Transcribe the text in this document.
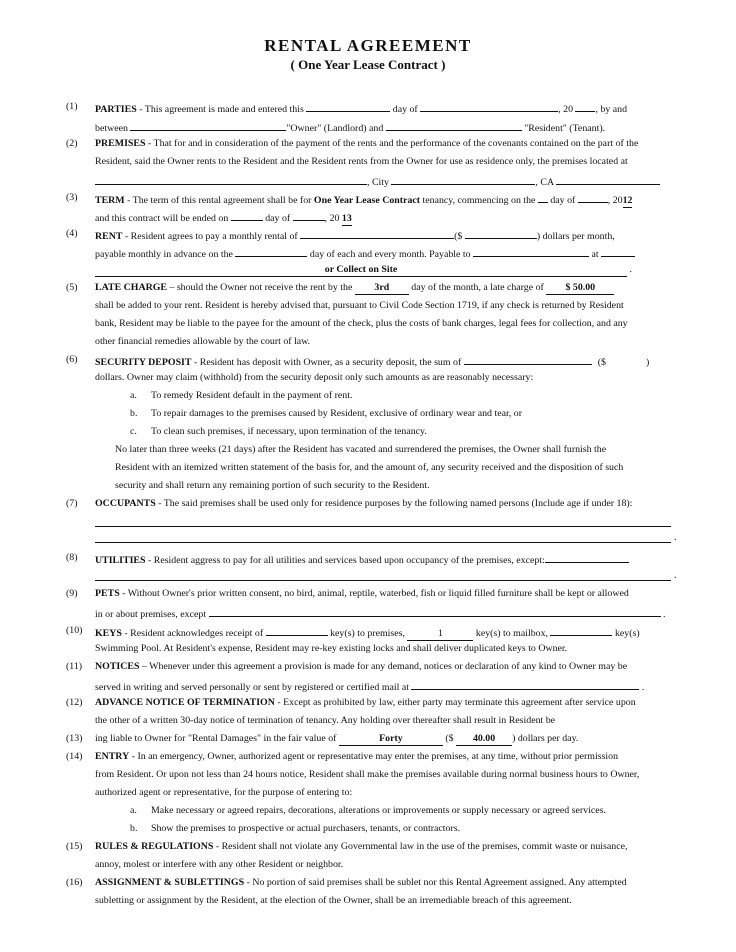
RENTAL AGREEMENT
( One Year Lease Contract )
(1) PARTIES - This agreement is made and entered this	day of	, 20 , by and
between	"Owner" (Landlord) and	"Resident" (Tenant).
(2) PREMISES - That for and in consideration of the payment of the rents and the performance of the covenants contained on the part of the
Resident, said the Owner rents to the Resident and the Resident rents from the Owner for use as residence only, the premises located at
, City	, CA
(3) TERM - The term of this rental agreement shall be for One Year Lease Contract tenancy, commencing on the  day of	, 2012
and this contract will be ended on	day of	, 20 13
(4) RENT - Resident agrees to pay a monthly rental of	($	) dollars per month,
payable monthly in advance on the	day of each and every month. Payable to	at
or Collect on Site	.
(5) LATE CHARGE – should the Owner not receive the rent by the 3rd day of the month, a late charge of $ 50.00
shall be added to your rent. Resident is hereby advised that, pursuant to Civil Code Section 1719, if any check is returned by Resident
bank, Resident may be liable to the payee for the amount of the check, plus the costs of bank charges, legal fees for collection, and any
other financial remedies allowable by the court of law.
(6) SECURITY DEPOSIT - Resident has deposit with Owner, as a security deposit, the sum of	($	)
dollars. Owner may claim (withhold) from the security deposit only such amounts as are reasonably necessary:
a. To remedy Resident default in the payment of rent.
b. To repair damages to the premises caused by Resident, exclusive of ordinary wear and tear, or
c. To clean such premises, if necessary, upon termination of the tenancy.
No later than three weeks (21 days) after the Resident has vacated and surrendered the premises, the Owner shall furnish the
Resident with an itemized written statement of the basis for, and the amount of, any security received and the disposition of such
security and shall return any remaining portion of such security to the Resident.
(7) OCCUPANTS - The said premises shall be used only for residence purposes by the following named persons (Include age if under 18):
.
(8) UTILITIES - Resident aggress to pay for all utilities and services based upon occupancy of the premises, except:
.
(9) PETS - Without Owner's prior written consent, no bird, animal, reptile, waterbed, fish or liquid filled furniture shall be kept or allowed
in or about premises, except	.
(10) KEYS - Resident acknowledges receipt of	key(s) to premises,	1	key(s) to mailbox,	key(s)
Swimming Pool. At Resident's expense, Resident may re-key existing locks and shall deliver duplicated keys to Owner.
(11) NOTICES – Whenever under this agreement a provision is made for any demand, notices or declaration of any kind to Owner may be
served in writing and served personally or sent by registered or certified mail at	.
(12) ADVANCE NOTICE OF TERMINATION - Except as prohibited by law, either party may terminate this agreement after service upon
the other of a written 30-day notice of termination of tenancy. Any holding over thereafter shall result in Resident be
(13) ing liable to Owner for "Rental Damages" in the fair value of	Forty	($ 40.00 ) dollars per day.
(14) ENTRY - In an emergency, Owner, authorized agent or representative may enter the premises, at any time, without prior permission
from Resident. Or upon not less than 24 hours notice, Resident shall make the premises available during normal business hours to Owner,
authorized agent or representative, for the purpose of entering to:
a. Make necessary or agreed repairs, decorations, alterations or improvements or supply necessary or agreed services.
b. Show the premises to prospective or actual purchasers, tenants, or contractors.
(15) RULES & REGULATIONS - Resident shall not violate any Governmental law in the use of the premises, commit waste or nuisance,
annoy, molest or interfere with any other Resident or neighbor.
(16) ASSIGNMENT & SUBLETTINGS - No portion of said premises shall be sublet nor this Rental Agreement assigned. Any attempted
subletting or assignment by the Resident, at the election of the Owner, shall be an irremediable breach of this agreement.
